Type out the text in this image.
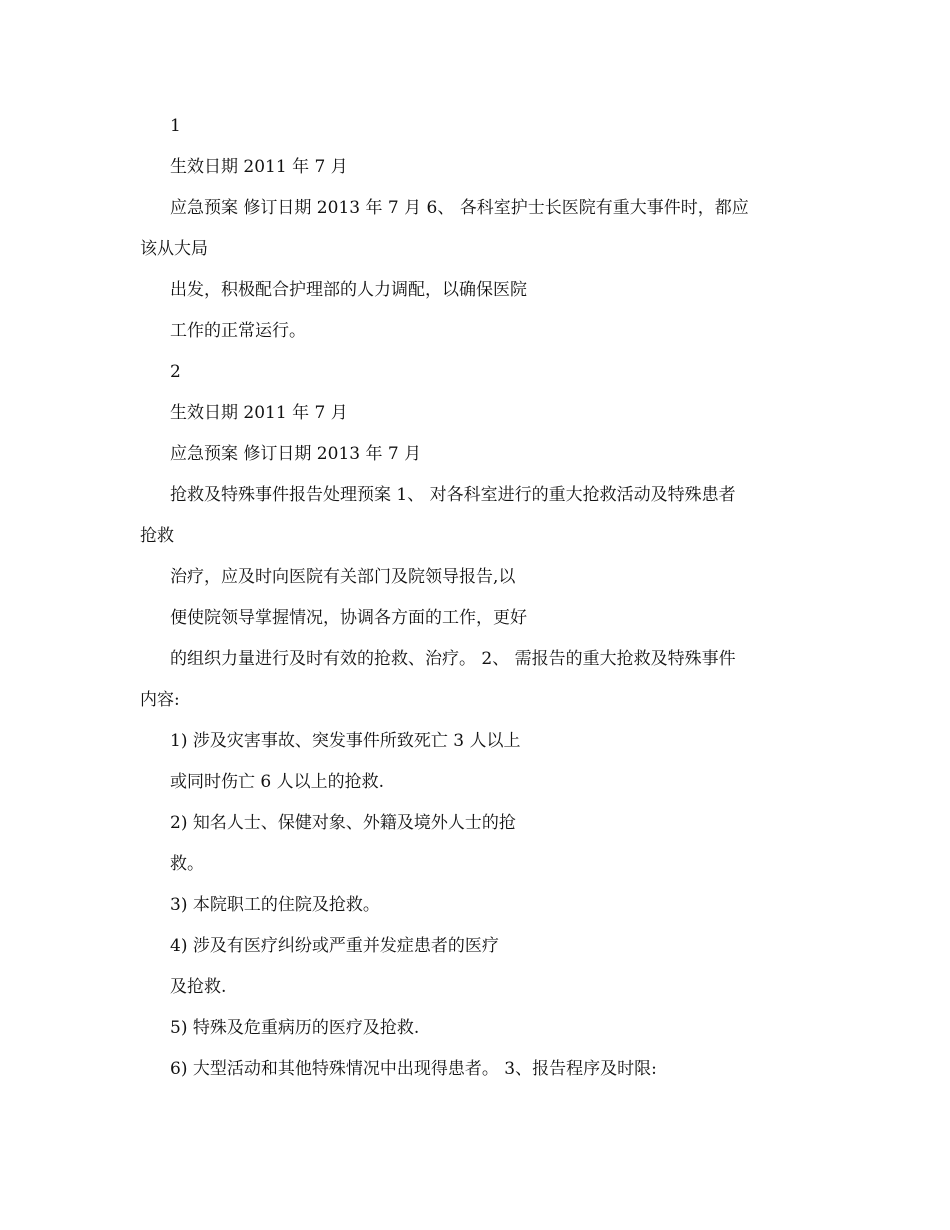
1
生效日期 2011 年 7 月
应急预案 修订日期 2013 年 7 月 6、 各科室护士长医院有重大事件时，都应
该从大局
出发，积极配合护理部的人力调配，以确保医院
工作的正常运行。
2
生效日期 2011 年 7 月
应急预案 修订日期 2013 年 7 月
抢救及特殊事件报告处理预案 1、 对各科室进行的重大抢救活动及特殊患者
抢救
治疗，应及时向医院有关部门及院领导报告,以
便使院领导掌握情况，协调各方面的工作，更好
的组织力量进行及时有效的抢救、治疗。 2、 需报告的重大抢救及特殊事件
内容:
1) 涉及灾害事故、突发事件所致死亡 3 人以上
或同时伤亡 6 人以上的抢救.
2) 知名人士、保健对象、外籍及境外人士的抢
救。
3) 本院职工的住院及抢救。
4) 涉及有医疗纠纷或严重并发症患者的医疗
及抢救.
5) 特殊及危重病历的医疗及抢救.
6) 大型活动和其他特殊情况中出现得患者。 3、报告程序及时限:
